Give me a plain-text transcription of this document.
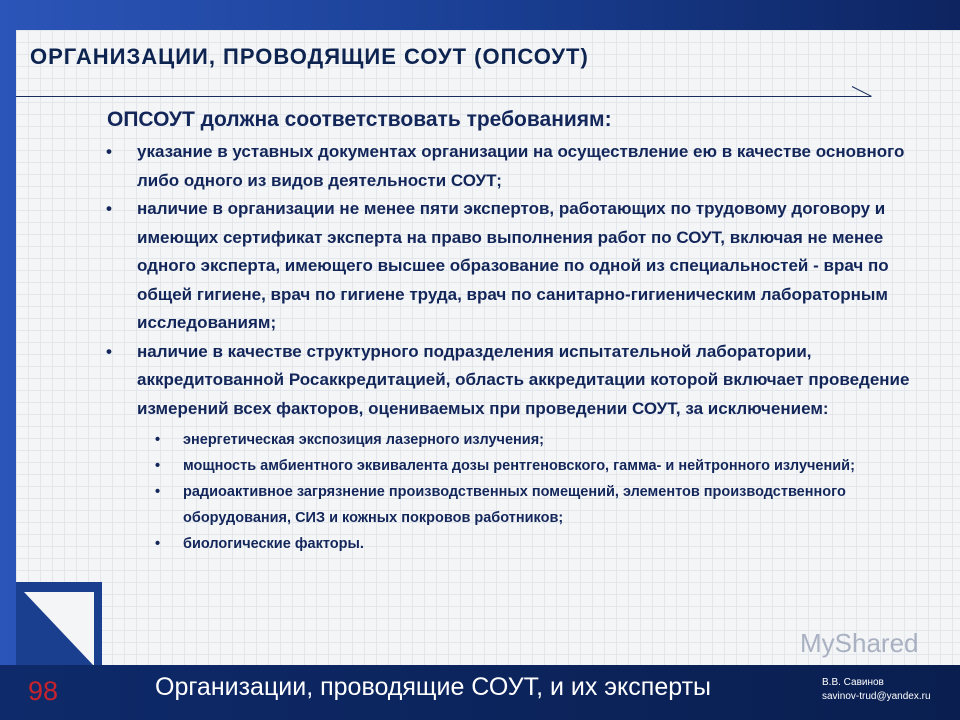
ОРГАНИЗАЦИИ, ПРОВОДЯЩИЕ СОУТ (ОПСОУТ)
ОПСОУТ должна соответствовать требованиям:
• указание в уставных документах организации на осуществление ею в качестве основного либо одного из видов деятельности СОУТ;
• наличие в организации не менее пяти экспертов, работающих по трудовому договору и имеющих сертификат эксперта на право выполнения работ по СОУТ, включая не менее одного эксперта, имеющего высшее образование по одной из специальностей - врач по общей гигиене, врач по гигиене труда, врач по санитарно-гигиеническим лабораторным исследованиям;
• наличие в качестве структурного подразделения испытательной лаборатории, аккредитованной Росаккредитацией, область аккредитации которой включает проведение измерений всех факторов, оцениваемых при проведении СОУТ, за исключением:
• энергетическая экспозиция лазерного излучения;
• мощность амбиентного эквивалента дозы рентгеновского, гамма- и нейтронного излучений;
• радиоактивное загрязнение производственных помещений, элементов производственного оборудования, СИЗ и кожных покровов работников;
• биологические факторы.
98	Организации, проводящие СОУТ, и их эксперты
MyShared
В.В. Савинов
savinov-trud@yandex.ru
